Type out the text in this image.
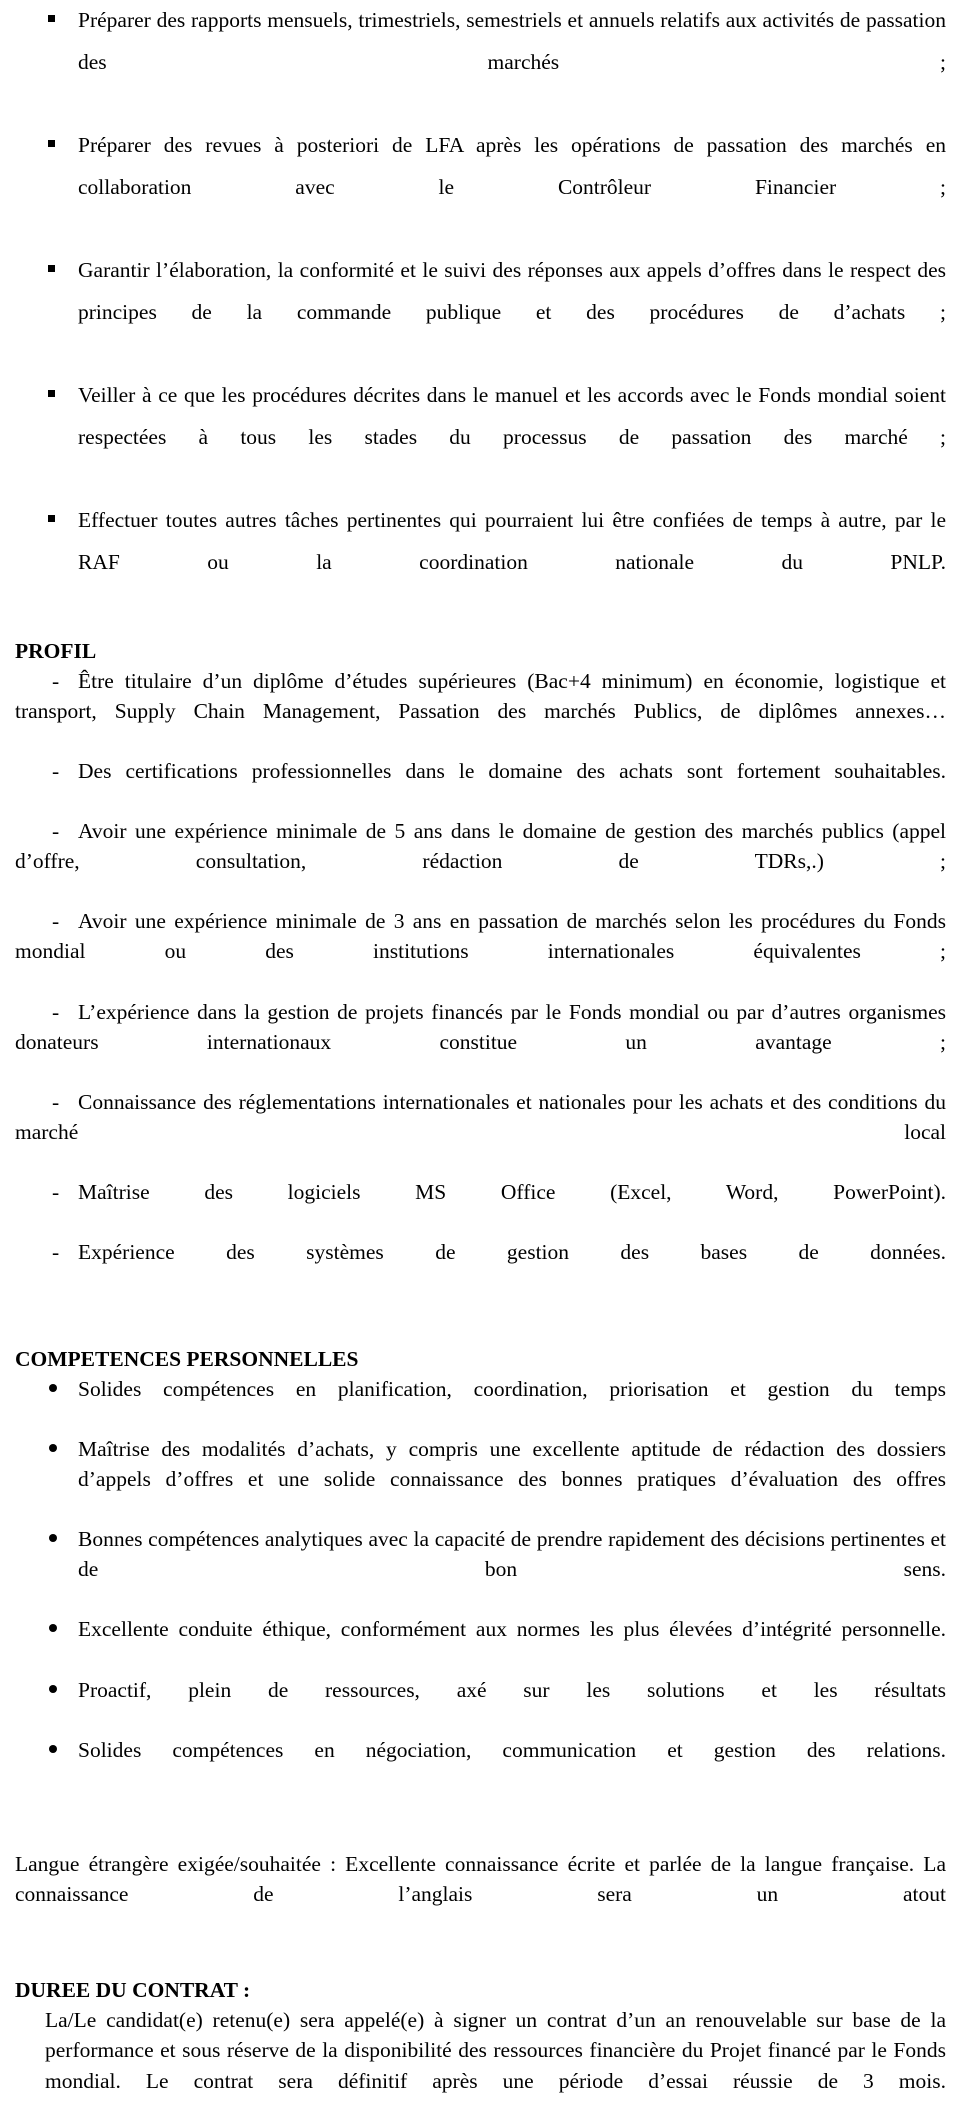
Préparer des rapports mensuels, trimestriels, semestriels et annuels relatifs aux activités de passation des marchés ;
Préparer des revues à posteriori de LFA après les opérations de passation des marchés en collaboration avec le Contrôleur Financier ;
Garantir l’élaboration, la conformité et le suivi des réponses aux appels d’offres dans le respect des principes de la commande publique et des procédures de d’achats ;
Veiller à ce que les procédures décrites dans le manuel et les accords avec le Fonds mondial soient respectées à tous les stades du processus de passation des marché ;
Effectuer toutes autres tâches pertinentes qui pourraient lui être confiées de temps à autre, par le RAF ou la coordination nationale du PNLP.
PROFIL
- Être titulaire d’un diplôme d’études supérieures (Bac+4 minimum) en économie, logistique et transport, Supply Chain Management, Passation des marchés Publics, de diplômes annexes…
- Des certifications professionnelles dans le domaine des achats sont fortement souhaitables.
- Avoir une expérience minimale de 5 ans dans le domaine de gestion des marchés publics (appel d’offre, consultation, rédaction de TDRs,.) ;
- Avoir une expérience minimale de 3 ans en passation de marchés selon les procédures du Fonds mondial ou des institutions internationales équivalentes ;
- L’expérience dans la gestion de projets financés par le Fonds mondial ou par d’autres organismes donateurs internationaux constitue un avantage ;
- Connaissance des réglementations internationales et nationales pour les achats et des conditions du marché local
- Maîtrise des logiciels MS Office (Excel, Word, PowerPoint).
- Expérience des systèmes de gestion des bases de données.
COMPETENCES PERSONNELLES
Solides compétences en planification, coordination, priorisation et gestion du temps
Maîtrise des modalités d’achats, y compris une excellente aptitude de rédaction des dossiers d’appels d’offres et une solide connaissance des bonnes pratiques d’évaluation des offres
Bonnes compétences analytiques avec la capacité de prendre rapidement des décisions pertinentes et de bon sens.
Excellente conduite éthique, conformément aux normes les plus élevées d’intégrité personnelle.
Proactif, plein de ressources, axé sur les solutions et les résultats
Solides compétences en négociation, communication et gestion des relations.

Langue étrangère exigée/souhaitée : Excellente connaissance écrite et parlée de la langue française. La connaissance de l’anglais sera un atout

DUREE DU CONTRAT :

La/Le candidat(e) retenu(e) sera appelé(e) à signer un contrat d’un an renouvelable sur base de la performance et sous réserve de la disponibilité des ressources financière du Projet financé par le Fonds mondial. Le contrat sera définitif après une période d’essai réussie de 3 mois.
